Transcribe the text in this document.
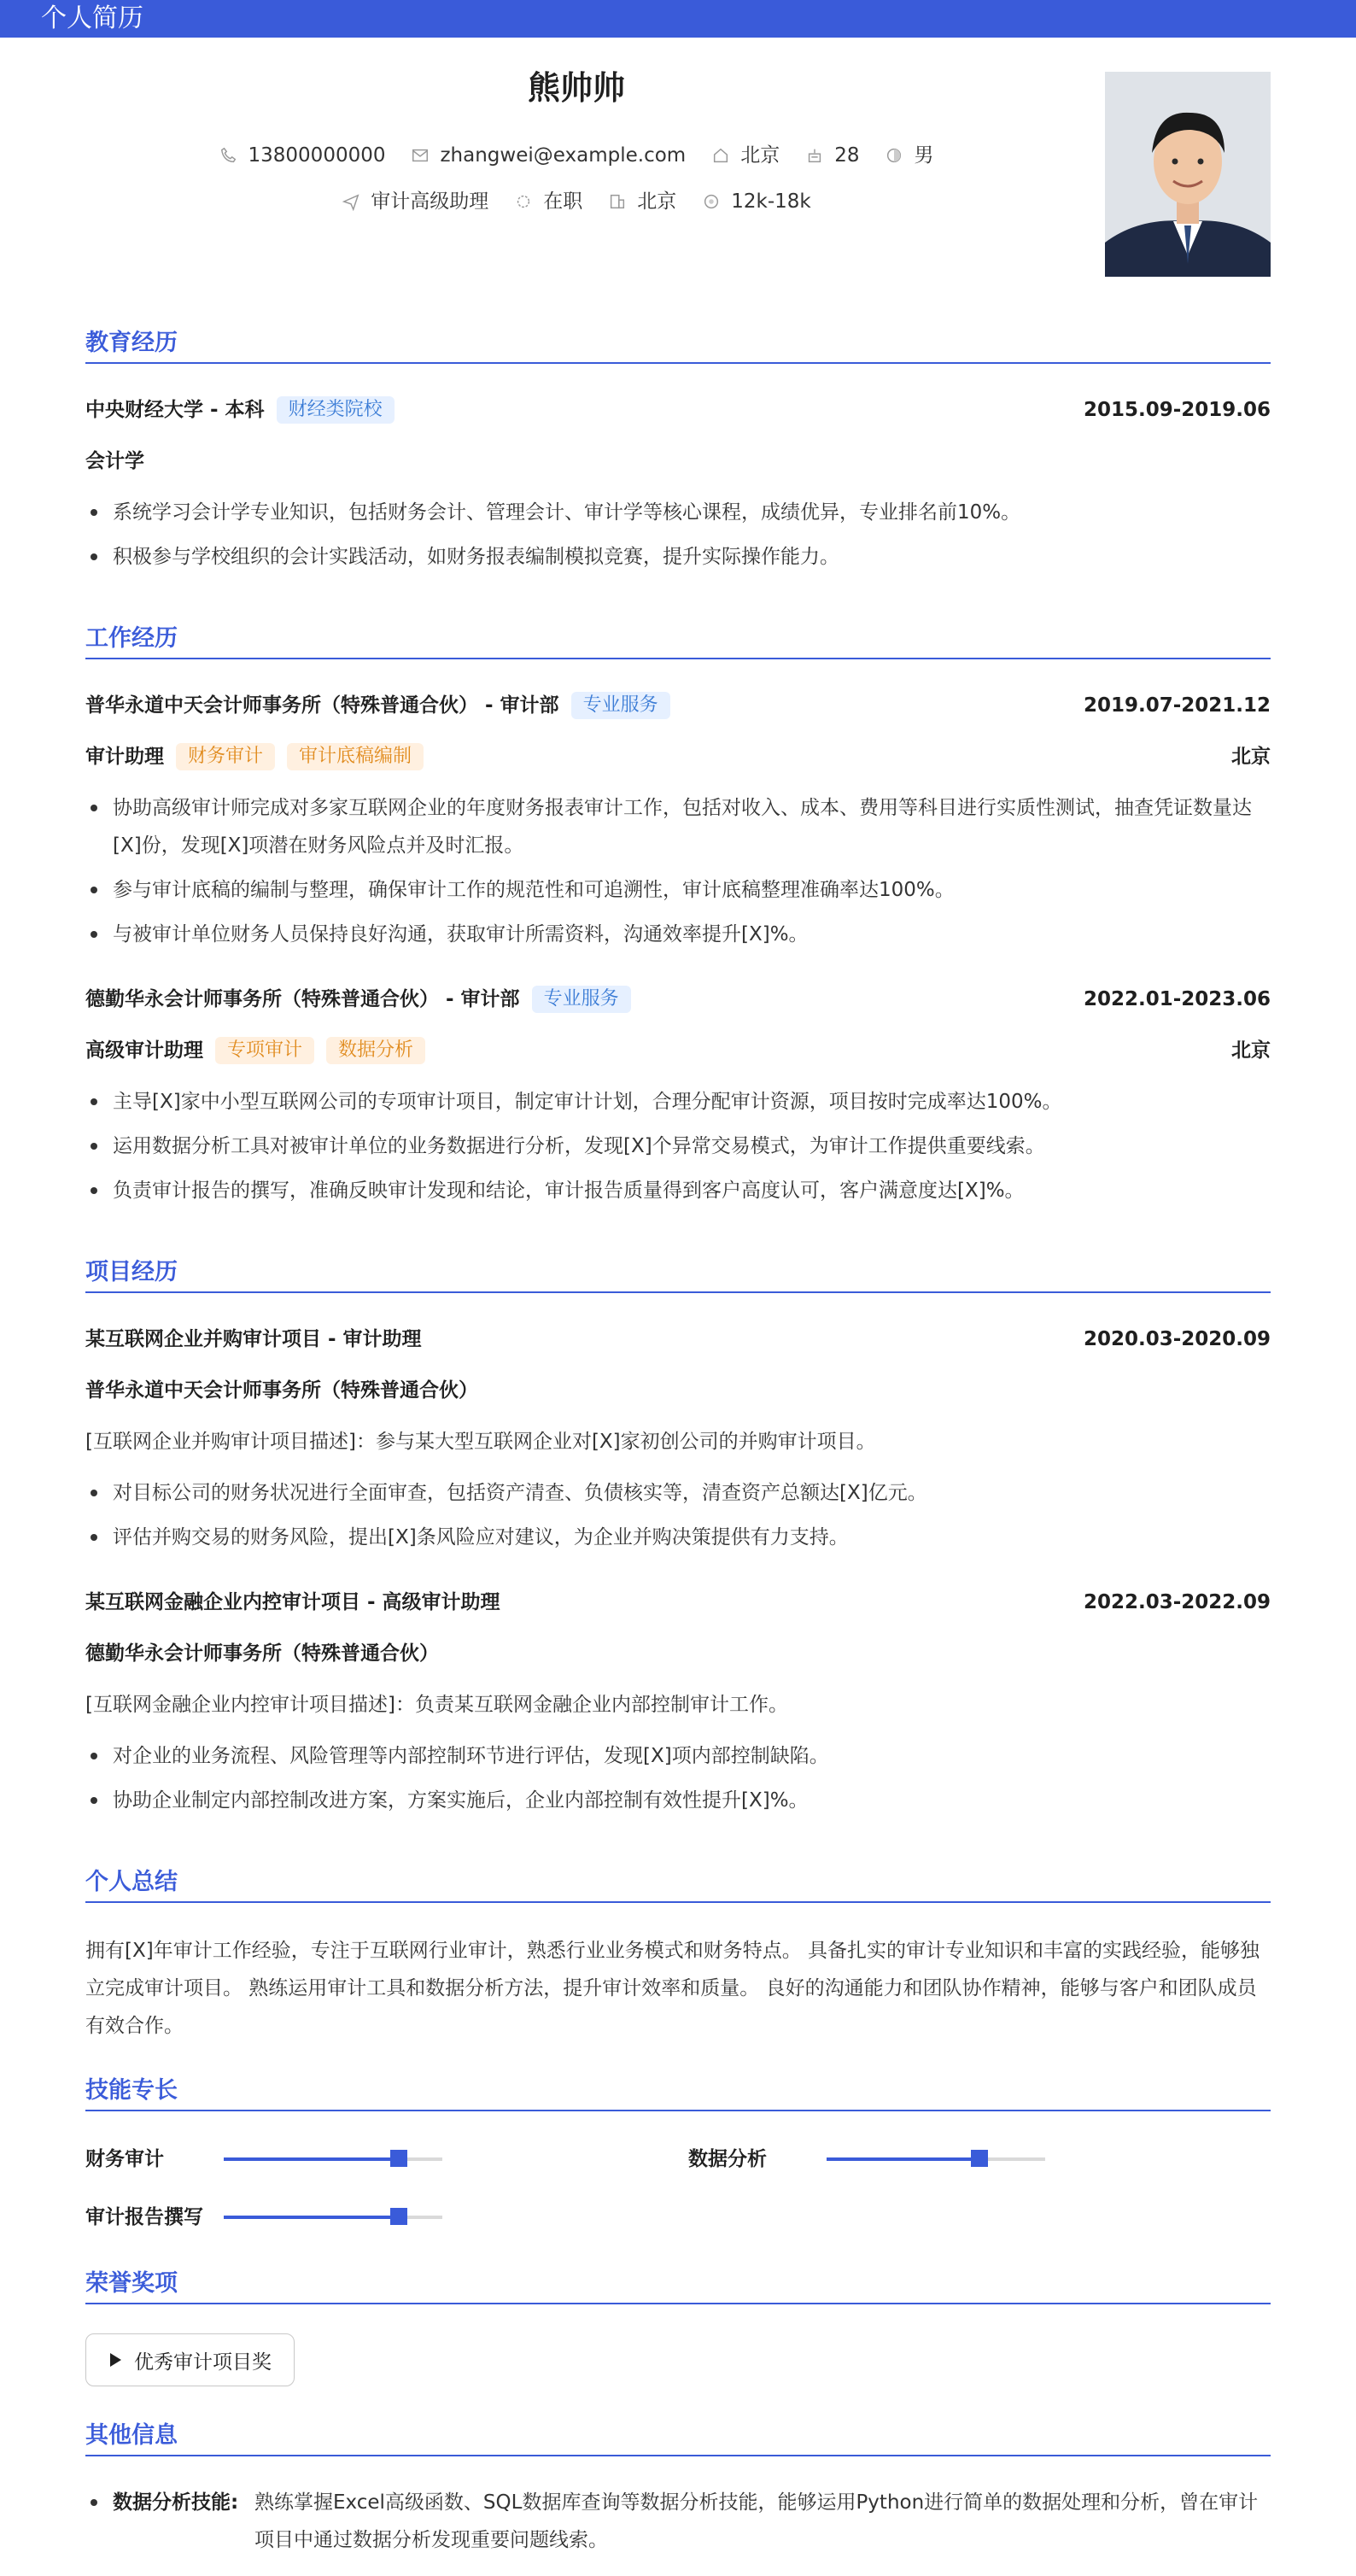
个人简历
熊帅帅
13800000000	zhangwei@example.com	北京	28	男
审计高级助理	在职	北京	12k-18k
教育经历
中央财经大学 - 本科	财经类院校	2015.09-2019.06
会计学
系统学习会计学专业知识，包括财务会计、管理会计、审计学等核心课程，成绩优异，专业排名前10%。
积极参与学校组织的会计实践活动，如财务报表编制模拟竞赛，提升实际操作能力。
工作经历
普华永道中天会计师事务所（特殊普通合伙） - 审计部	专业服务	2019.07-2021.12
审计助理	财务审计	审计底稿编制	北京
协助高级审计师完成对多家互联网企业的年度财务报表审计工作，包括对收入、成本、费用等科目进行实质性测试，抽查凭证数量达[X]份，发现[X]项潜在财务风险点并及时汇报。
参与审计底稿的编制与整理，确保审计工作的规范性和可追溯性，审计底稿整理准确率达100%。
与被审计单位财务人员保持良好沟通，获取审计所需资料，沟通效率提升[X]%。
德勤华永会计师事务所（特殊普通合伙） - 审计部	专业服务	2022.01-2023.06
高级审计助理	专项审计	数据分析	北京
主导[X]家中小型互联网公司的专项审计项目，制定审计计划，合理分配审计资源，项目按时完成率达100%。
运用数据分析工具对被审计单位的业务数据进行分析，发现[X]个异常交易模式，为审计工作提供重要线索。
负责审计报告的撰写，准确反映审计发现和结论，审计报告质量得到客户高度认可，客户满意度达[X]%。
项目经历
某互联网企业并购审计项目 - 审计助理	2020.03-2020.09
普华永道中天会计师事务所（特殊普通合伙）
[互联网企业并购审计项目描述]：参与某大型互联网企业对[X]家初创公司的并购审计项目。
对目标公司的财务状况进行全面审查，包括资产清查、负债核实等，清查资产总额达[X]亿元。
评估并购交易的财务风险，提出[X]条风险应对建议，为企业并购决策提供有力支持。
某互联网金融企业内控审计项目 - 高级审计助理	2022.03-2022.09
德勤华永会计师事务所（特殊普通合伙）
[互联网金融企业内控审计项目描述]：负责某互联网金融企业内部控制审计工作。
对企业的业务流程、风险管理等内部控制环节进行评估，发现[X]项内部控制缺陷。
协助企业制定内部控制改进方案，方案实施后，企业内部控制有效性提升[X]%。
个人总结
拥有[X]年审计工作经验，专注于互联网行业审计，熟悉行业业务模式和财务特点。 具备扎实的审计专业知识和丰富的实践经验，能够独立完成审计项目。 熟练运用审计工具和数据分析方法，提升审计效率和质量。 良好的沟通能力和团队协作精神，能够与客户和团队成员有效合作。
技能专长
财务审计	数据分析
审计报告撰写
荣誉奖项
优秀审计项目奖
其他信息
数据分析技能: 熟练掌握Excel高级函数、SQL数据库查询等数据分析技能，能够运用Python进行简单的数据处理和分析，曾在审计项目中通过数据分析发现重要问题线索。
